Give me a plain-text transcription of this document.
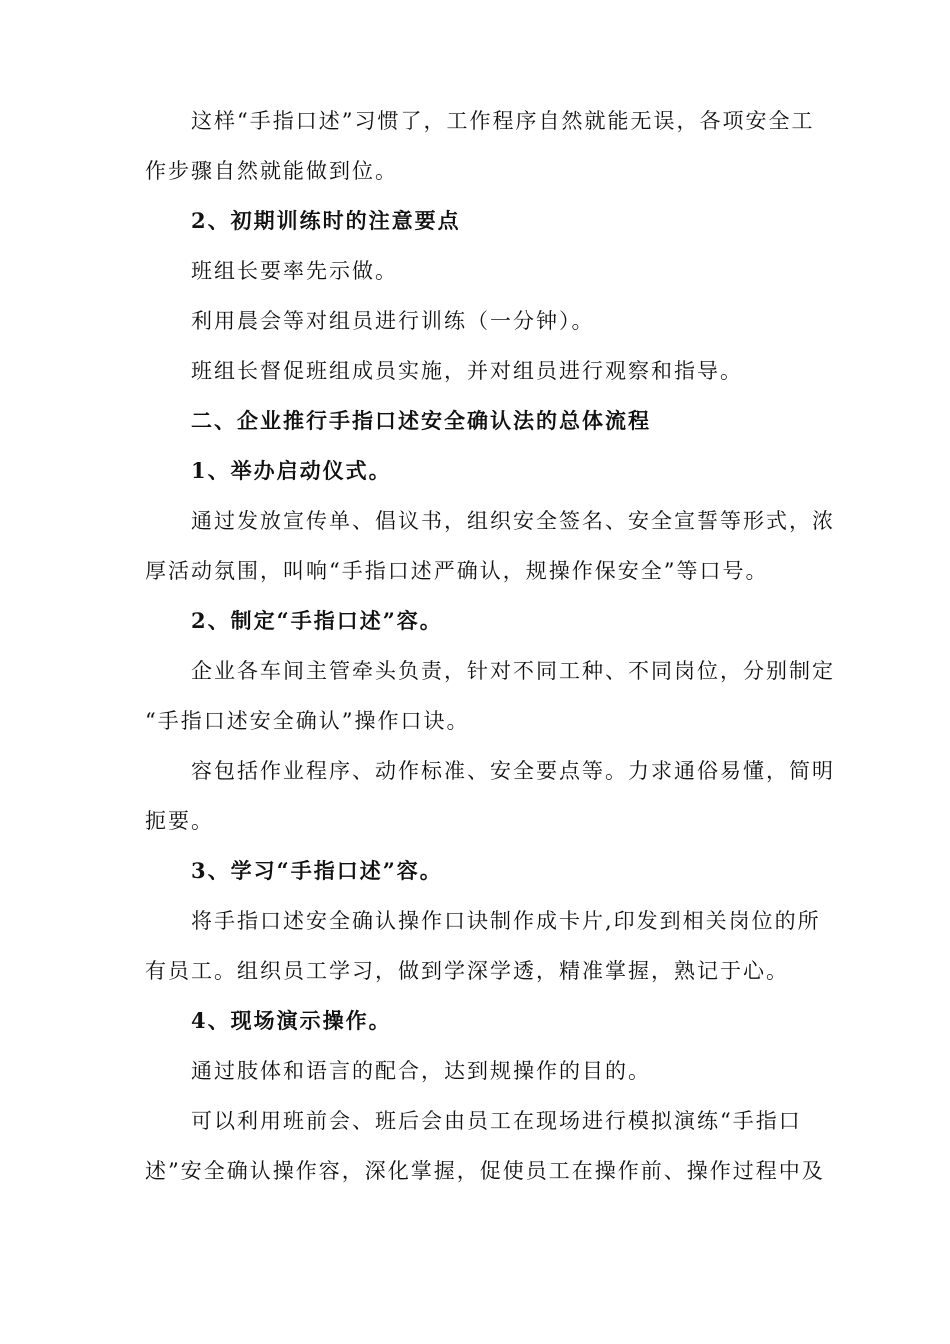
这样“手指口述”习惯了，工作程序自然就能无误，各项安全工
作步骤自然就能做到位。

2、初期训练时的注意要点

班组长要率先示做。

利用晨会等对组员进行训练（一分钟）。

班组长督促班组成员实施，并对组员进行观察和指导。

二、企业推行手指口述安全确认法的总体流程

1、举办启动仪式。

通过发放宣传单、倡议书，组织安全签名、安全宣誓等形式，浓
厚活动氛围，叫响“手指口述严确认，规操作保安全”等口号。

2、制定“手指口述”容。

企业各车间主管牵头负责，针对不同工种、不同岗位，分别制定
“手指口述安全确认”操作口诀。

容包括作业程序、动作标准、安全要点等。力求通俗易懂，简明
扼要。

3、学习“手指口述”容。

将手指口述安全确认操作口诀制作成卡片,印发到相关岗位的所
有员工。组织员工学习，做到学深学透，精准掌握，熟记于心。

4、现场演示操作。

通过肢体和语言的配合，达到规操作的目的。

可以利用班前会、班后会由员工在现场进行模拟演练“手指口
述”安全确认操作容，深化掌握，促使员工在操作前、操作过程中及
